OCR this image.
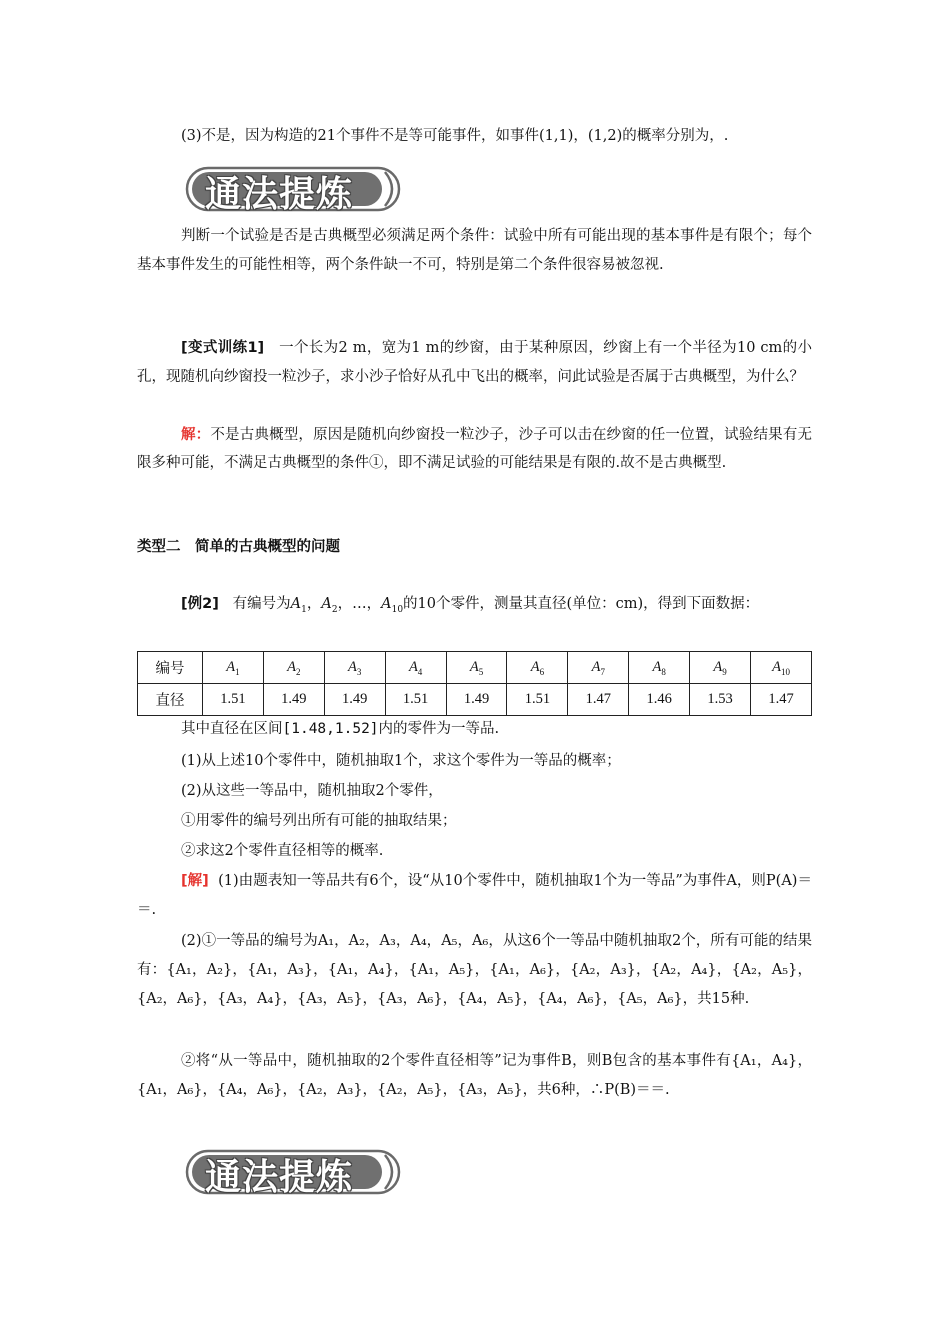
(3)不是，因为构造的21个事件不是等可能事件，如事件(1,1)，(1,2)的概率分别为，.
通法提炼
判断一个试验是否是古典概型必须满足两个条件：试验中所有可能出现的基本事件是有限个；每个基本事件发生的可能性相等，两个条件缺一不可，特别是第二个条件很容易被忽视.
[变式训练1] 一个长为2 m，宽为1 m的纱窗，由于某种原因，纱窗上有一个半径为10 cm的小孔，现随机向纱窗投一粒沙子，求小沙子恰好从孔中飞出的概率，问此试验是否属于古典概型，为什么？
解：不是古典概型，原因是随机向纱窗投一粒沙子，沙子可以击在纱窗的任一位置，试验结果有无限多种可能，不满足古典概型的条件①，即不满足试验的可能结果是有限的.故不是古典概型.
类型二　简单的古典概型的问题
[例2] 有编号为$A_1$，$A_2$，…，$A_{10}$的10个零件，测量其直径(单位：cm)，得到下面数据：
编号	$A_1$	$A_2$	$A_3$	$A_4$	$A_5$	$A_6$	$A_7$	$A_8$	$A_9$	$A_{10}$
直径	1.51	1.49	1.49	1.51	1.49	1.51	1.47	1.46	1.53	1.47
其中直径在区间[1.48,1.52]内的零件为一等品.
(1)从上述10个零件中，随机抽取1个，求这个零件为一等品的概率；
(2)从这些一等品中，随机抽取2个零件，
①用零件的编号列出所有可能的抽取结果；
②求这2个零件直径相等的概率.
[解] (1)由题表知一等品共有6个，设“从10个零件中，随机抽取1个为一等品”为事件A，则P(A)＝＝.
(2)①一等品的编号为A₁，A₂，A₃，A₄，A₅，A₆，从这6个一等品中随机抽取2个，所有可能的结果有：{A₁，A₂}，{A₁，A₃}，{A₁，A₄}，{A₁，A₅}，{A₁，A₆}，{A₂，A₃}，{A₂，A₄}，{A₂，A₅}，{A₂，A₆}，{A₃，A₄}，{A₃，A₅}，{A₃，A₆}，{A₄，A₅}，{A₄，A₆}，{A₅，A₆}，共15种.
②将“从一等品中，随机抽取的2个零件直径相等”记为事件B，则B包含的基本事件有{A₁，A₄}，{A₁，A₆}，{A₄，A₆}，{A₂，A₃}，{A₂，A₅}，{A₃，A₅}，共6种，∴P(B)＝＝.
通法提炼
